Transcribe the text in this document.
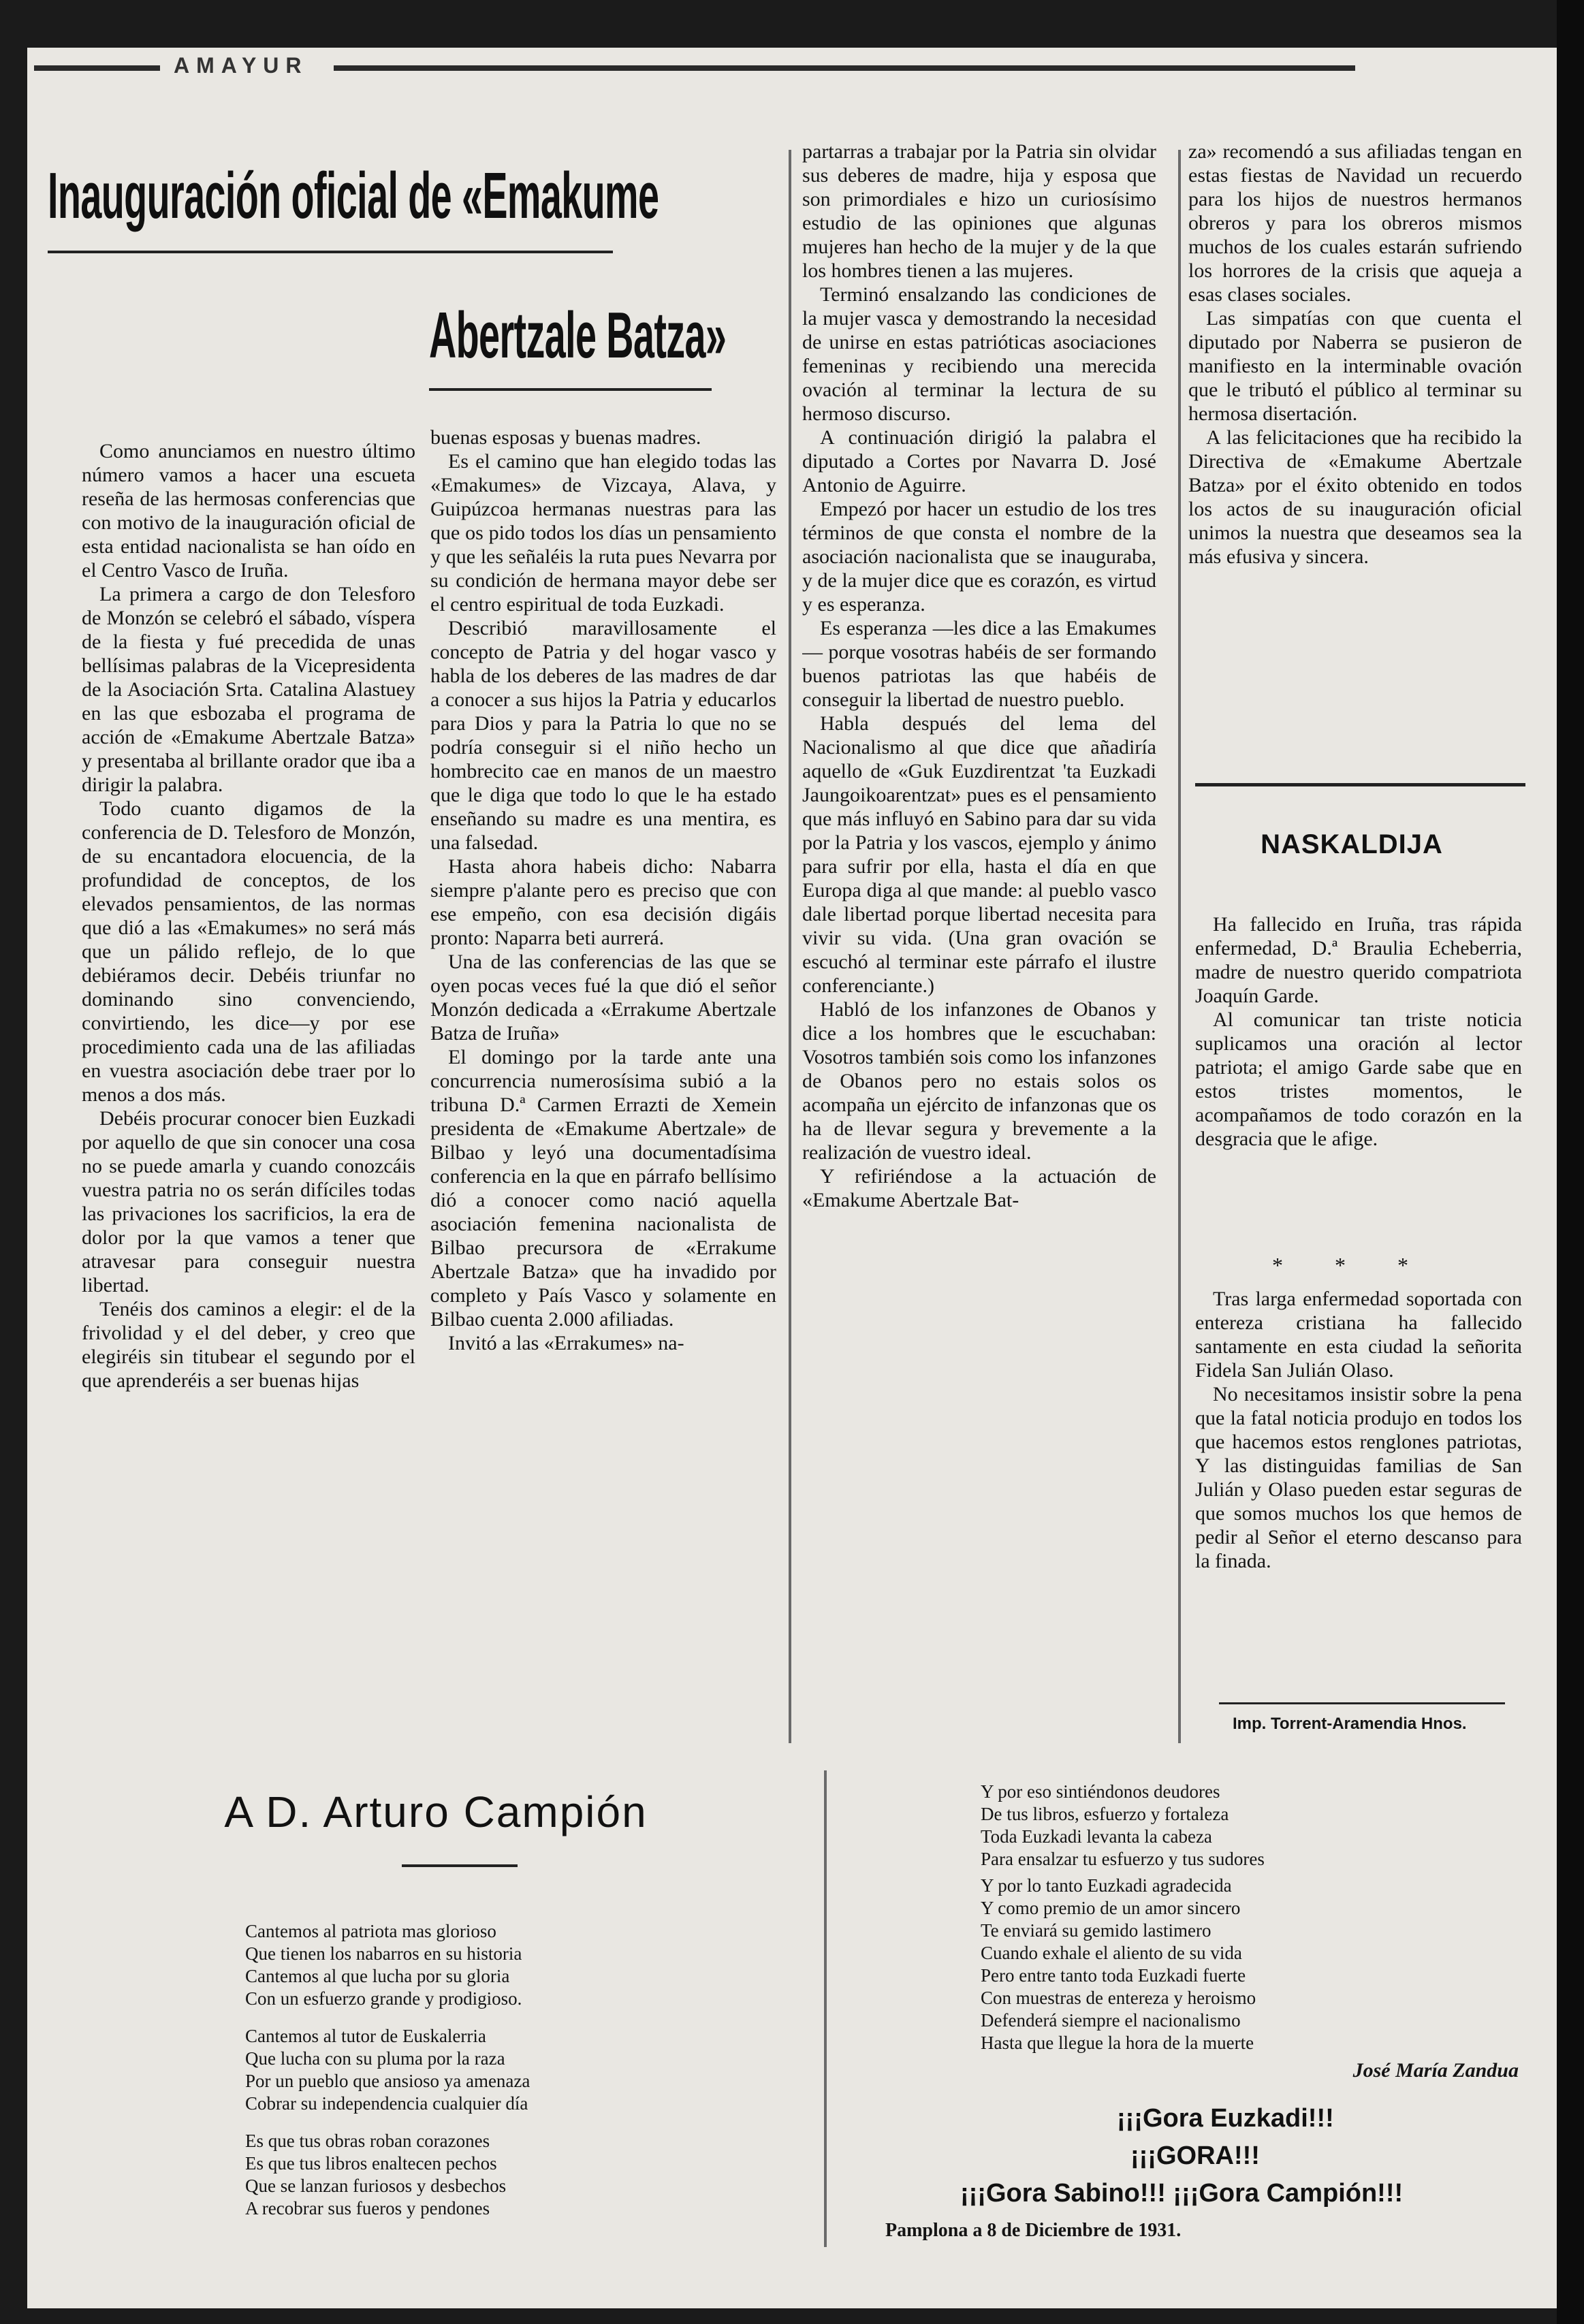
AMAYUR
Inauguración oficial de «Emakume
Abertzale Batza»

Como anunciamos en nuestro último número vamos a hacer una escueta reseña de las hermosas conferencias que con motivo de la inauguración oficial de esta entidad nacionalista se han oído en el Centro Vasco de Iruña.

La primera a cargo de don Telesforo de Monzón se celebró el sábado, víspera de la fiesta y fué precedida de unas bellísimas palabras de la Vicepresidenta de la Asociación Srta. Catalina Alastuey en las que esbozaba el programa de acción de «Emakume Abertzale Batza» y presentaba al brillante orador que iba a dirigir la palabra.

Todo cuanto digamos de la conferencia de D. Telesforo de Monzón, de su encantadora elocuencia, de la profundidad de conceptos, de los elevados pensamientos, de las normas que dió a las «Emakumes» no será más que un pálido reflejo, de lo que debiéramos decir. Debéis triunfar no dominando sino convenciendo, convirtiendo, les dice—y por ese procedimiento cada una de las afiliadas en vuestra asociación debe traer por lo menos a dos más.

Debéis procurar conocer bien Euzkadi por aquello de que sin conocer una cosa no se puede amarla y cuando conozcáis vuestra patria no os serán difíciles todas las privaciones los sacrificios, la era de dolor por la que vamos a tener que atravesar para conseguir nuestra libertad.

Tenéis dos caminos a elegir: el de la frivolidad y el del deber, y creo que elegiréis sin titubear el segundo por el que aprenderéis a ser buenas hijas

buenas esposas y buenas madres.

Es el camino que han elegido todas las «Emakumes» de Vizcaya, Alava, y Guipúzcoa hermanas nuestras para las que os pido todos los días un pensamiento y que les señaléis la ruta pues Nevarra por su condición de hermana mayor debe ser el centro espiritual de toda Euzkadi.

Describió maravillosamente el concepto de Patria y del hogar vasco y habla de los deberes de las madres de dar a conocer a sus hijos la Patria y educarlos para Dios y para la Patria lo que no se podría conseguir si el niño hecho un hombrecito cae en manos de un maestro que le diga que todo lo que le ha estado enseñando su madre es una mentira, es una falsedad.

Hasta ahora habeis dicho: Nabarra siempre p'alante pero es preciso que con ese empeño, con esa decisión digáis pronto: Naparra beti aurrerá.

Una de las conferencias de las que se oyen pocas veces fué la que dió el señor Monzón dedicada a «Errakume Abertzale Batza de Iruña»

El domingo por la tarde ante una concurrencia numerosísima subió a la tribuna D.ª Carmen Errazti de Xemein presidenta de «Emakume Abertzale» de Bilbao y leyó una documentadísima conferencia en la que en párrafo bellísimo dió a conocer como nació aquella asociación femenina nacionalista de Bilbao precursora de «Errakume Abertzale Batza» que ha invadido por completo y País Vasco y solamente en Bilbao cuenta 2.000 afiliadas.

Invitó a las «Errakumes» na-

partarras a trabajar por la Patria sin olvidar sus deberes de madre, hija y esposa que son primordiales e hizo un curiosísimo estudio de las opiniones que algunas mujeres han hecho de la mujer y de la que los hombres tienen a las mujeres.

Terminó ensalzando las condiciones de la mujer vasca y demostrando la necesidad de unirse en estas patrióticas asociaciones femeninas y recibiendo una merecida ovación al terminar la lectura de su hermoso discurso.

A continuación dirigió la palabra el diputado a Cortes por Navarra D. José Antonio de Aguirre.

Empezó por hacer un estudio de los tres términos de que consta el nombre de la asociación nacionalista que se inauguraba, y de la mujer dice que es corazón, es virtud y es esperanza.

Es esperanza —les dice a las Emakumes— porque vosotras habéis de ser formando buenos patriotas las que habéis de conseguir la libertad de nuestro pueblo.

Habla después del lema del Nacionalismo al que dice que añadiría aquello de «Guk Euzdirentzat 'ta Euzkadi Jaungoikoarentzat» pues es el pensamiento que más influyó en Sabino para dar su vida por la Patria y los vascos, ejemplo y ánimo para sufrir por ella, hasta el día en que Europa diga al que mande: al pueblo vasco dale libertad porque libertad necesita para vivir su vida. (Una gran ovación se escuchó al terminar este párrafo el ilustre conferenciante.)

Habló de los infanzones de Obanos y dice a los hombres que le escuchaban: Vosotros también sois como los infanzones de Obanos pero no estais solos os acompaña un ejército de infanzonas que os ha de llevar segura y brevemente a la realización de vuestro ideal.

Y refiriéndose a la actuación de «Emakume Abertzale Bat-

za» recomendó a sus afiliadas tengan en estas fiestas de Navidad un recuerdo para los hijos de nuestros hermanos obreros y para los obreros mismos muchos de los cuales estarán sufriendo los horrores de la crisis que aqueja a esas clases sociales.

Las simpatías con que cuenta el diputado por Naberra se pusieron de manifiesto en la interminable ovación que le tributó el público al terminar su hermosa disertación.

A las felicitaciones que ha recibido la Directiva de «Emakume Abertzale Batza» por el éxito obtenido en todos los actos de su inauguración oficial unimos la nuestra que deseamos sea la más efusiva y sincera.

NASKALDIJA

Ha fallecido en Iruña, tras rápida enfermedad, D.ª Braulia Echeberria, madre de nuestro querido compatriota Joaquín Garde.

Al comunicar tan triste noticia suplicamos una oración al lector patriota; el amigo Garde sabe que en estos tristes momentos, le acompañamos de todo corazón en la desgracia que le afige.

* * *

Tras larga enfermedad soportada con entereza cristiana ha fallecido santamente en esta ciudad la señorita Fidela San Julián Olaso.

No necesitamos insistir sobre la pena que la fatal noticia produjo en todos los que hacemos estos renglones patriotas, Y las distinguidas familias de San Julián y Olaso pueden estar seguras de que somos muchos los que hemos de pedir al Señor el eterno descanso para la finada.

Imp. Torrent-Aramendia Hnos.
A D. Arturo Campión
Cantemos al patriota mas glorioso
Que tienen los nabarros en su historia
Cantemos al que lucha por su gloria
Con un esfuerzo grande y prodigioso.
Cantemos al tutor de Euskalerria
Que lucha con su pluma por la raza
Por un pueblo que ansioso ya amenaza
Cobrar su independencia cualquier día
Es que tus obras roban corazones
Es que tus libros enaltecen pechos
Que se lanzan furiosos y desbechos
A recobrar sus fueros y pendones
Y por eso sintiéndonos deudores
De tus libros, esfuerzo y fortaleza
Toda Euzkadi levanta la cabeza
Para ensalzar tu esfuerzo y tus sudores
Y por lo tanto Euzkadi agradecida
Y como premio de un amor sincero
Te enviará su gemido lastimero
Cuando exhale el aliento de su vida
Pero entre tanto toda Euzkadi fuerte
Con muestras de entereza y heroismo
Defenderá siempre el nacionalismo
Hasta que llegue la hora de la muerte
José María Zandua
¡¡¡Gora Euzkadi!!!
¡¡¡GORA!!!
¡¡¡Gora Sabino!!! ¡¡¡Gora Campión!!!
Pamplona a 8 de Diciembre de 1931.
